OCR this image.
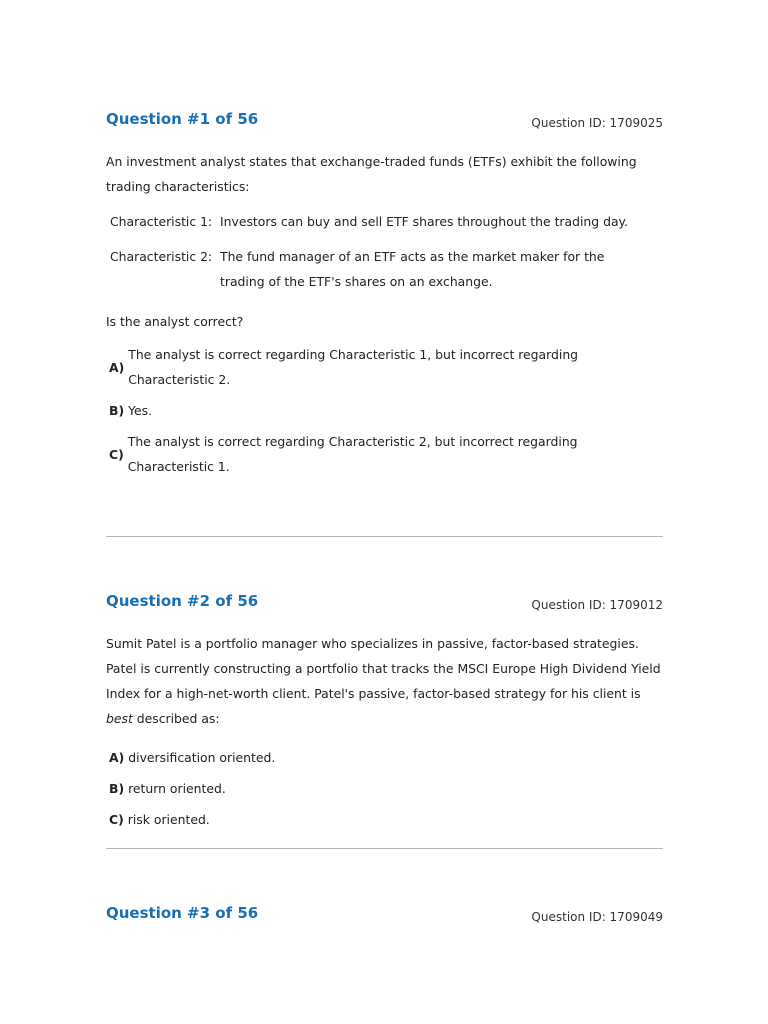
Question #1 of 56	Question ID: 1709025

An investment analyst states that exchange-traded funds (ETFs) exhibit the following trading characteristics:

Characteristic 1: Investors can buy and sell ETF shares throughout the trading day.
Characteristic 2: The fund manager of an ETF acts as the market maker for the trading of the ETF's shares on an exchange.

Is the analyst correct?

A)
The analyst is correct regarding Characteristic 1, but incorrect regarding Characteristic 2.
B) Yes.
C)
The analyst is correct regarding Characteristic 2, but incorrect regarding Characteristic 1.
Question #2 of 56	Question ID: 1709012

Sumit Patel is a portfolio manager who specializes in passive, factor-based strategies. Patel is currently constructing a portfolio that tracks the MSCI Europe High Dividend Yield Index for a high-net-worth client. Patel's passive, factor-based strategy for his client is best described as:

A) diversification oriented.
B) return oriented.
C) risk oriented.
Question #3 of 56	Question ID: 1709049
